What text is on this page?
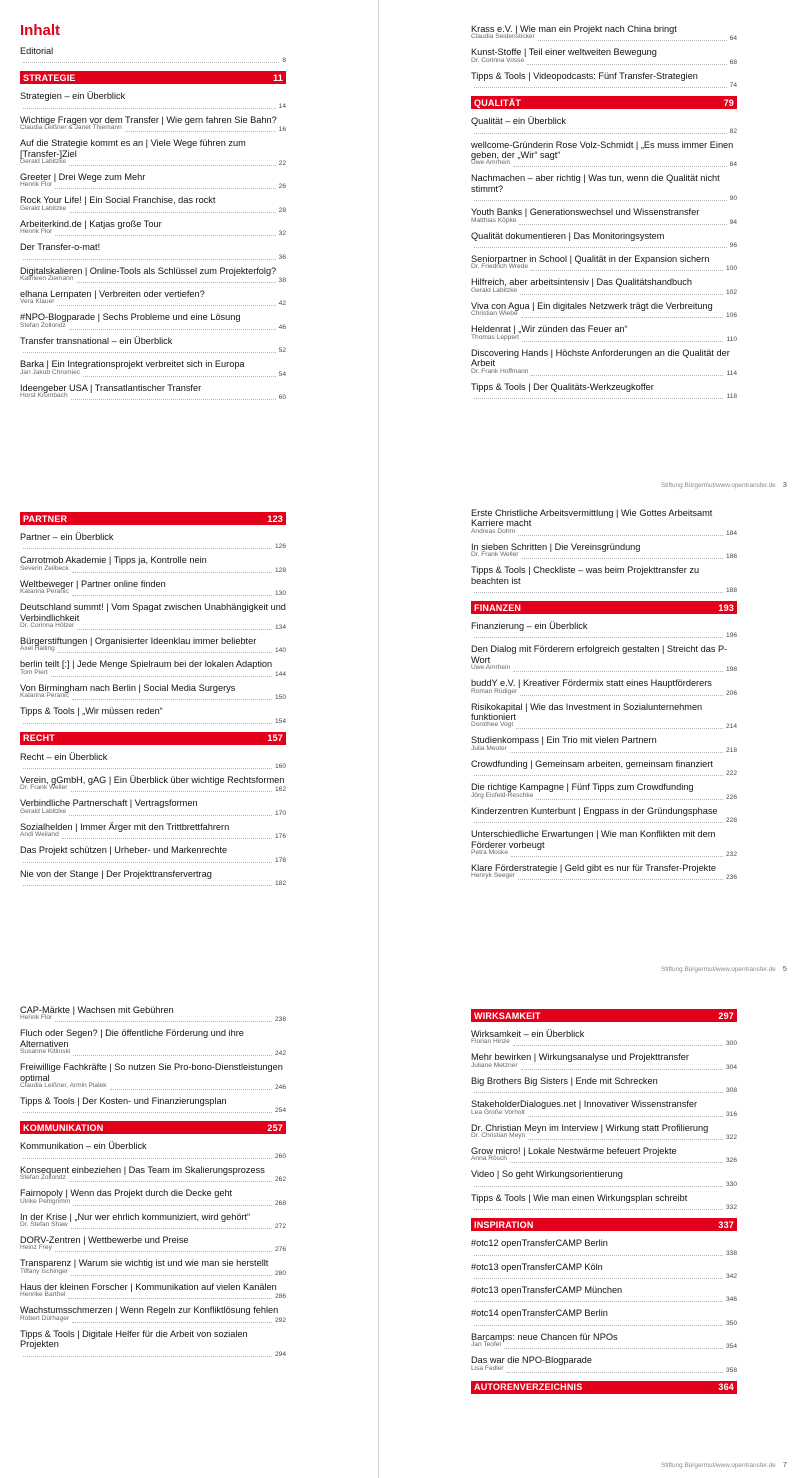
Inhalt
Editorial
8
STRATEGIE	11
Strategien – ein Überblick
14
Wichtige Fragen vor dem Transfer | Wie gern fahren Sie Bahn?
Claudia Leißner & Janet Thiemann	16
Auf die Strategie kommt es an | Viele Wege führen zum [Transfer-]Ziel
Gerald Labitzke	22
Greeter | Drei Wege zum Mehr
Henrik Flor	26
Rock Your Life! | Ein Social Franchise, das rockt
Gerald Labitzke	28
Arbeiterkind.de | Katjas große Tour
Henrik Flor	32
Der Transfer-o-mat!
36
Digitalskalieren | Online-Tools als Schlüssel zum Projekterfolg?
Kathleen Ziemann	38
elhana Lernpaten | Verbreiten oder vertiefen?
Vera Klauer	42
#NPO-Blogparade | Sechs Probleme und eine Lösung
Stefan Zollondz	46
Transfer transnational – ein Überblick
52
Barka | Ein Integrationsprojekt verbreitet sich in Europa
Jan Jakub Chromiec	54
Ideengeber USA | Transatlantischer Transfer
Horst Krumbach	60
Krass e.V. | Wie man ein Projekt nach China bringt
Claudia Seidensticker	64
Kunst-Stoffe | Teil einer weltweiten Bewegung
Dr. Corinna Vosse	68
Tipps & Tools | Videopodcasts: Fünf Transfer-Strategien
74
QUALITÄT	79
Qualität – ein Überblick
82
wellcome-Gründerin Rose Volz-Schmidt | „Es muss immer Einen geben, der „Wir“ sagt“
Uwe Amrhein	84
Nachmachen – aber richtig | Was tun, wenn die Qualität nicht stimmt?
90
Youth Banks | Generationswechsel und Wissenstransfer
Matthias Köpke	94
Qualität dokumentieren | Das Monitoringsystem
96
Seniorpartner in School | Qualität in der Expansion sichern
Dr. Friedrich Wrede	100
Hilfreich, aber arbeitsintensiv | Das Qualitätshandbuch
Gerald Labitzke	102
Viva con Agua | Ein digitales Netzwerk trägt die Verbreitung
Christian Wiebe	106
Heldenrat | „Wir zünden das Feuer an“
Thomas Leppert	110
Discovering Hands | Höchste Anforderungen an die Qualität der Arbeit
Dr. Frank Hoffmann	114
Tipps & Tools | Der Qualitäts-Werkzeugkoffer
118
Stiftung Bürgermut/www.opentransfer.de 3
PARTNER	123
Partner – ein Überblick
126
Carrotmob Akademie | Tipps ja, Kontrolle nein
Severin Zeilbeck	128
Weltbeweger | Partner online finden
Katarina Peranic	130
Deutschland summt! | Vom Spagat zwischen Unabhängigkeit und Verbindlichkeit
Dr. Corinna Hölzer	134
Bürgerstiftungen | Organisierter Ideenklau immer beliebter
Axel Halling	140
berlin teilt [:] | Jede Menge Spielraum bei der lokalen Adaption
Tom Piert	144
Von Birmingham nach Berlin | Social Media Surgerys
Katarina Peranic	150
Tipps & Tools | „Wir müssen reden“
154
RECHT	157
Recht – ein Überblick
160
Verein, gGmbH, gAG | Ein Überblick über wichtige Rechtsformen
Dr. Frank Weller	162
Verbindliche Partnerschaft | Vertragsformen
Gerald Labitzke	170
Sozialhelden | Immer Ärger mit den Trittbrettfahrern
Andi Weiland	176
Das Projekt schützen | Urheber- und Markenrechte
178
Nie von der Stange | Der Projekttransfervertrag
182
Erste Christliche Arbeitsvermittlung | Wie Gottes Arbeitsamt Karriere macht
Andreas Dohrn	184
In sieben Schritten | Die Vereinsgründung
Dr. Frank Weller	186
Tipps & Tools | Checkliste – was beim Projekttransfer zu beachten ist
188
FINANZEN	193
Finanzierung – ein Überblick
196
Den Dialog mit Förderern erfolgreich gestalten | Streicht das P-Wort
Uwe Amrhein	198
buddY e.V. | Kreativer Fördermix statt eines Hauptförderers
Roman Rüdiger	206
Risikokapital | Wie das Investment in Sozialunternehmen funktioniert
Dorothee Vogt	214
Studienkompass | Ein Trio mit vielen Partnern
Julia Meuter	218
Crowdfunding | Gemeinsam arbeiten, gemeinsam finanziert
222
Die richtige Kampagne | Fünf Tipps zum Crowdfunding
Jörg Eisfeld-Reschke	226
Kinderzentren Kunterbunt | Engpass in der Gründungsphase
228
Unterschiedliche Erwartungen | Wie man Konflikten mit dem Förderer vorbeugt
Petra Moske	232
Klare Förderstrategie | Geld gibt es nur für Transfer-Projekte
Henryk Seeger	236
Stiftung Bürgermut/www.opentransfer.de 5
CAP-Märkte | Wachsen mit Gebühren
Henrik Flor	238
Fluch oder Segen? | Die öffentliche Förderung und ihre Alternativen
Susanne Kitlinski	242
Freiwillige Fachkräfte | So nutzen Sie Pro-bono-Dienstleistungen optimal
Claudia Leißner, Armin Pialek	246
Tipps & Tools | Der Kosten- und Finanzierungsplan
254
KOMMUNIKATION	257
Kommunikation – ein Überblick
260
Konsequent einbeziehen | Das Team im Skalierungsprozess
Stefan Zollondz	262
Fairnopoly | Wenn das Projekt durch die Decke geht
Ulrike Pehlgrimm	268
In der Krise | „Nur wer ehrlich kommuniziert, wird gehört“
Dr. Stefan Shaw	272
DORV-Zentren | Wettbewerbe und Preise
Heinz Frey	276
Transparenz | Warum sie wichtig ist und wie man sie herstellt
Tiffany Ischinger	280
Haus der kleinen Forscher | Kommunikation auf vielen Kanälen
Henrike Barthel	286
Wachstumsschmerzen | Wenn Regeln zur Konfliktlösung fehlen
Robert Dürhager	292
Tipps & Tools | Digitale Helfer für die Arbeit von sozialen Projekten
294
WIRKSAMKEIT	297
Wirksamkeit – ein Überblick
Florian Hinze	300
Mehr bewirken | Wirkungsanalyse und Projekttransfer
Juliane Metzner	304
Big Brothers Big Sisters | Ende mit Schrecken
308
StakeholderDialogues.net | Innovativer Wissenstransfer
Lea Große Vorholt	316
Dr. Christian Meyn im Interview | Wirkung statt Profilierung
Dr. Christian Meyn	322
Grow micro! | Lokale Nestwärme befeuert Projekte
Anna Rösch	326
Video | So geht Wirkungsorientierung
330
Tipps & Tools | Wie man einen Wirkungsplan schreibt
332
INSPIRATION	337
#otc12 openTransferCAMP Berlin
338
#otc13 openTransferCAMP Köln
342
#otc13 openTransferCAMP München
346
#otc14 openTransferCAMP Berlin
350
Barcamps: neue Chancen für NPOs
Jan Teofel	354
Das war die NPO-Blogparade
Lisa Fedler	358
AUTORENVERZEICHNIS	364
Stiftung Bürgermut/www.opentransfer.de 7
